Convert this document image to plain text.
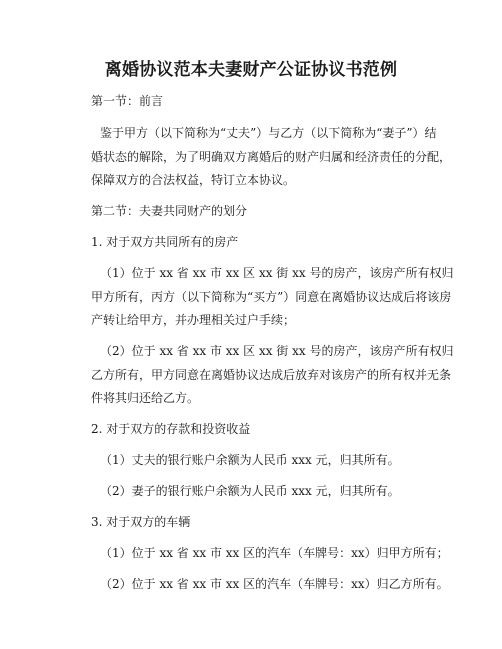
离婚协议范本夫妻财产公证协议书范例
第一节：前言
鉴于甲方（以下简称为“丈夫”）与乙方（以下简称为“妻子”）结
婚状态的解除，为了明确双方离婚后的财产归属和经济责任的分配，
保障双方的合法权益，特订立本协议。
第二节：夫妻共同财产的划分
1. 对于双方共同所有的房产
（1）位于 xx 省 xx 市 xx 区 xx 街 xx 号的房产，该房产所有权归
甲方所有，丙方（以下简称为“买方”）同意在离婚协议达成后将该房
产转让给甲方，并办理相关过户手续；
（2）位于 xx 省 xx 市 xx 区 xx 街 xx 号的房产，该房产所有权归
乙方所有，甲方同意在离婚协议达成后放弃对该房产的所有权并无条
件将其归还给乙方。
2. 对于双方的存款和投资收益
（1）丈夫的银行账户余额为人民币 xxx 元，归其所有。
（2）妻子的银行账户余额为人民币 xxx 元，归其所有。
3. 对于双方的车辆
（1）位于 xx 省 xx 市 xx 区的汽车（车牌号：xx）归甲方所有；
（2）位于 xx 省 xx 市 xx 区的汽车（车牌号：xx）归乙方所有。
